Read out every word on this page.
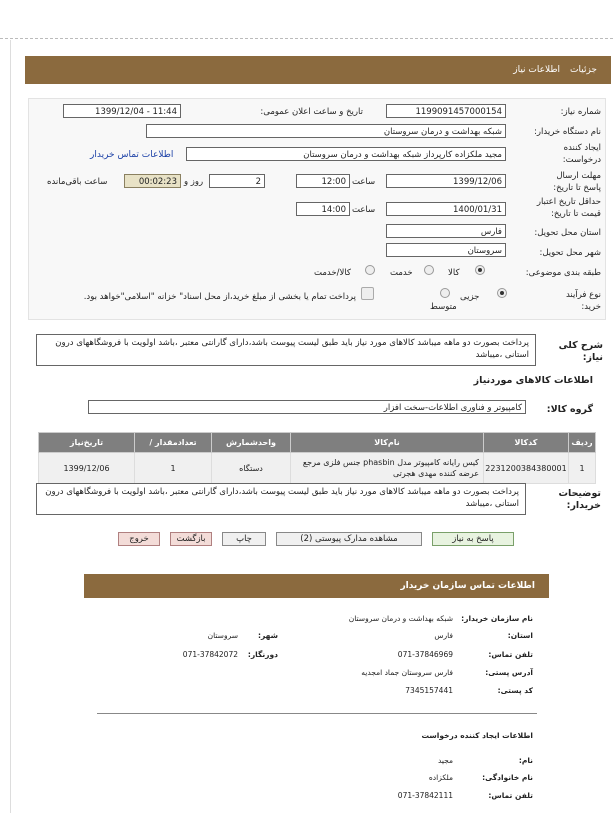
جزئیات
اطلاعات نیاز
شماره نیاز:
1199091457000154
تاریخ و ساعت اعلان عمومی:
1399/12/04 - 11:44
نام دستگاه خریدار:
شبکه بهداشت و درمان سروستان
ایجاد کننده درخواست:
مجید ملکزاده کارپرداز شبکه بهداشت و درمان سروستان
اطلاعات تماس خریدار
مهلت ارسال پاسخ تا تاریخ:
1399/12/06
ساعت
12:00
2
روز و
00:02:23
ساعت باقی‌مانده
حداقل تاریخ اعتبار قیمت تا تاریخ:
1400/01/31
ساعت
14:00
استان محل تحویل:
فارس
شهر محل تحویل:
سروستان
طبقه بندی موضوعی:
کالا
خدمت
کالا/خدمت
نوع فرآیند خرید:
جزیی
متوسط
پرداخت تمام یا بخشی از مبلغ خرید،از محل اسناد" خزانه "اسلامی"خواهد بود.
شرح کلی نیاز:
پرداخت بصورت دو ماهه میباشد کالاهای مورد نیاز باید طبق لیست پیوست باشد،دارای گارانتی معتبر ،باشد اولویت با فروشگاههای درون استانی ،میباشد
اطلاعات کالاهای موردنیاز
گروه کالا:
کامپیوتر و فناوری اطلاعات-سخت افزار
ردیف	کدکالا	نام‌کالا	واحدشمارش	تعدادمقدار /	تاریخ‌نیاز
1	2231200384380001	کیس رایانه کامپیوتر مدل phasbin جنس فلزی مرجع عرضه کننده مهدی هجرتی	دستگاه	1	1399/12/06
توضیحات خریدار:
پرداخت بصورت دو ماهه میباشد کالاهای مورد نیاز باید طبق لیست پیوست باشد،دارای گارانتی معتبر ،باشد اولویت با فروشگاههای درون استانی ،میباشد
پاسخ به نیاز
مشاهده مدارک پیوستی (2)
چاپ
بازگشت
خروج
اطلاعات تماس سازمان خریدار
نام سازمان خریدار:
شبکه بهداشت و درمان سروستان
استان:
فارس
شهر:
سروستان
تلفن تماس:
071-37846969
دورنگار:
071-37842072
آدرس پستی:
فارس سروستان جماد امجدیه
کد پستی:
7345157441
اطلاعات ایجاد کننده درخواست
نام:
مجید
نام خانوادگی:
ملکزاده
تلفن تماس:
071-37842111
